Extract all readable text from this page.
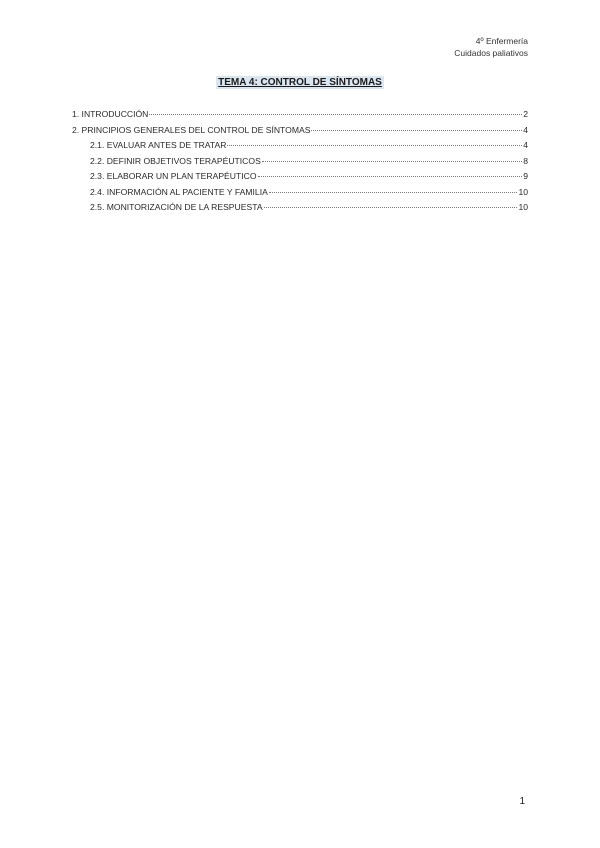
4º Enfermería
Cuidados paliativos
TEMA 4: CONTROL DE SÍNTOMAS
1. INTRODUCCIÓN	2
2. PRINCIPIOS GENERALES DEL CONTROL DE SÍNTOMAS	4
2.1. EVALUAR ANTES DE TRATAR	4
2.2. DEFINIR OBJETIVOS TERAPÉUTICOS	8
2.3. ELABORAR UN PLAN TERAPÉUTICO	9
2.4. INFORMACIÓN AL PACIENTE Y FAMILIA	10
2.5. MONITORIZACIÓN DE LA RESPUESTA	10
1
